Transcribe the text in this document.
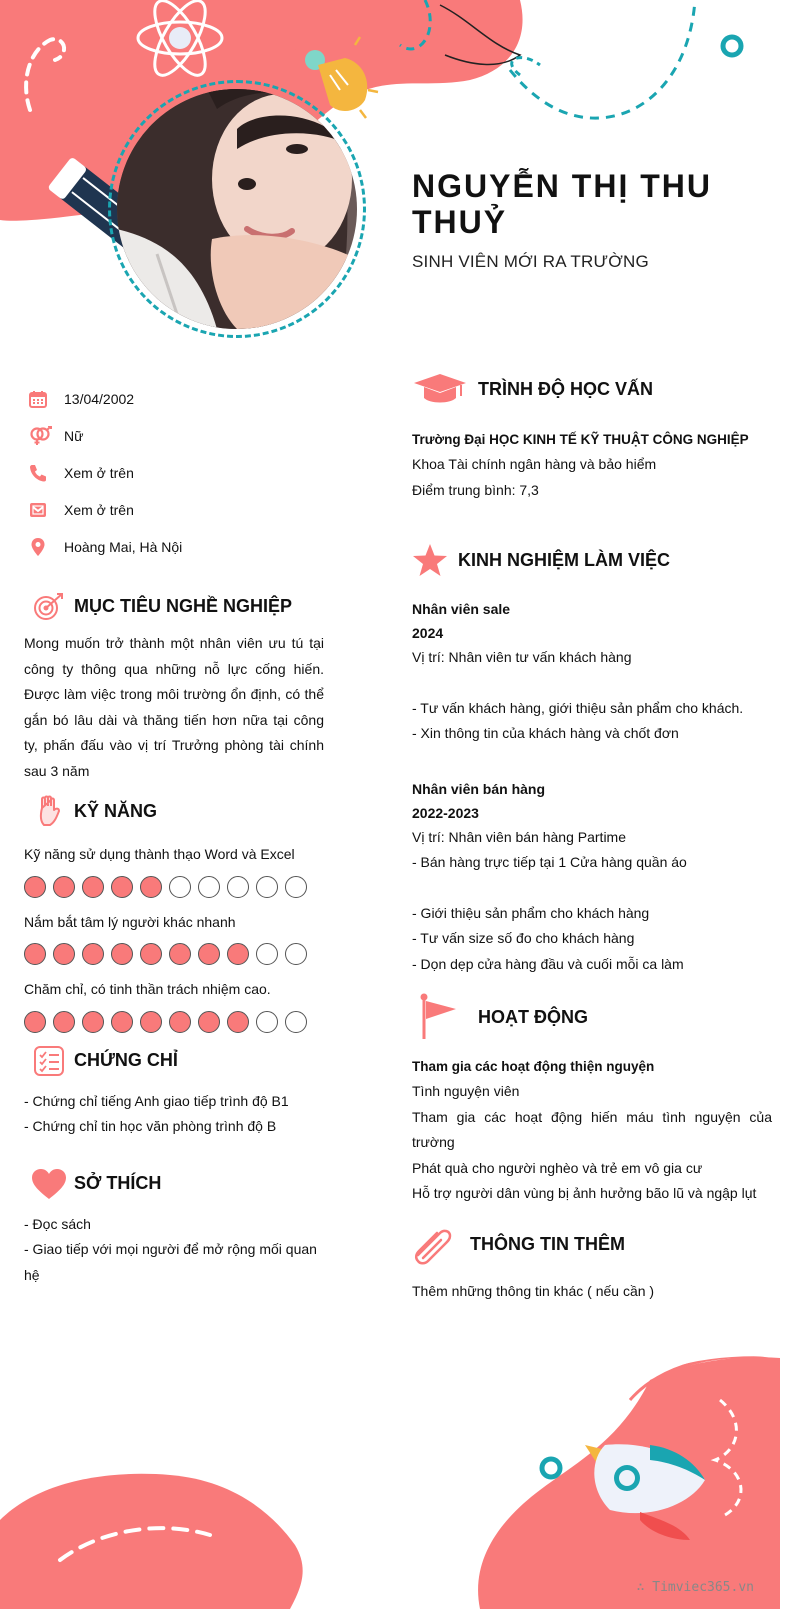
NGUYỄN THỊ THU THUỶ
SINH VIÊN MỚI RA TRƯỜNG
13/04/2002
Nữ
Xem ở trên
Xem ở trên
Hoàng Mai, Hà Nội
MỤC TIÊU NGHỀ NGHIỆP
Mong muốn trở thành một nhân viên ưu tú tại công ty thông qua những nỗ lực cống hiến. Được làm việc trong môi trường ổn định, có thể gắn bó lâu dài và thăng tiến hơn nữa tại công ty, phấn đấu vào vị trí Trưởng phòng tài chính sau 3 năm
KỸ NĂNG
Kỹ năng sử dụng thành thạo Word và Excel
Nắm bắt tâm lý người khác nhanh
Chăm chỉ, có tinh thần trách nhiệm cao.
CHỨNG CHỈ
- Chứng chỉ tiếng Anh giao tiếp trình độ B1
- Chứng chỉ tin học văn phòng trình độ B
SỞ THÍCH
- Đọc sách
- Giao tiếp với mọi người để mở rộng mối quan hệ
TRÌNH ĐỘ HỌC VẤN
Trường Đại HỌC KINH TẾ KỸ THUẬT CÔNG NGHIỆP
Khoa Tài chính ngân hàng và bảo hiểm
Điểm trung bình: 7,3
KINH NGHIỆM LÀM VIỆC
Nhân viên sale
2024
Vị trí: Nhân viên tư vấn khách hàng
- Tư vấn khách hàng, giới thiệu sản phẩm cho khách.
- Xin thông tin của khách hàng và chốt đơn
Nhân viên bán hàng
2022-2023
Vị trí: Nhân viên bán hàng Partime
- Bán hàng trực tiếp tại 1 Cửa hàng quần áo
- Giới thiệu sản phẩm cho khách hàng
- Tư vấn size số đo cho khách hàng
- Dọn dẹp cửa hàng đầu và cuối mỗi ca làm
HOẠT ĐỘNG
Tham gia các hoạt động thiện nguyện
Tình nguyện viên
Tham gia các hoạt động hiến máu tình nguyện của trường
Phát quà cho người nghèo và trẻ em vô gia cư
Hỗ trợ người dân vùng bị ảnh hưởng bão lũ và ngập lụt
THÔNG TIN THÊM
Thêm những thông tin khác ( nếu cần )
∴ Timviec365.vn
